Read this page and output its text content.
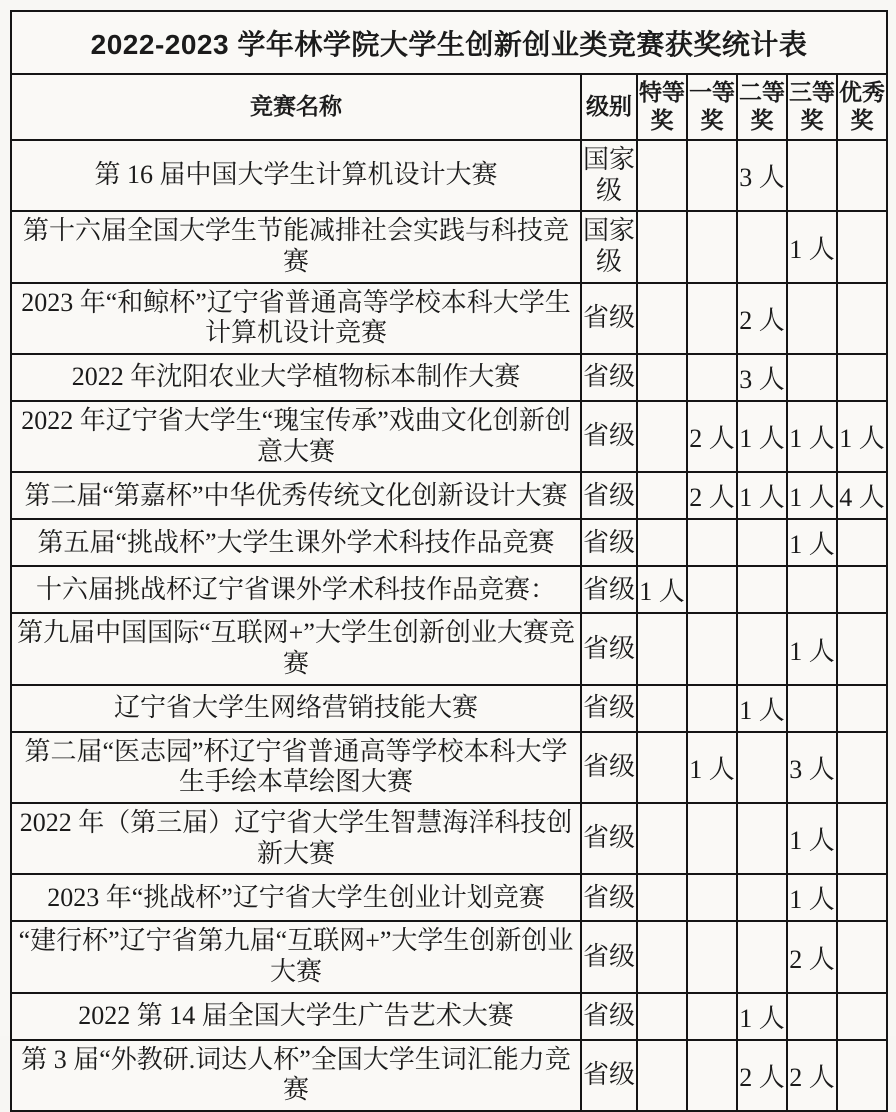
2022-2023 学年林学院大学生创新创业类竞赛获奖统计表						
竞赛名称	级别	特等奖	一等奖	二等奖	三等奖	优秀奖
第 16 届中国大学生计算机设计大赛	国家级			3 人		
第十六届全国大学生节能减排社会实践与科技竞赛	国家级				1 人	
2023 年“和鲸杯”辽宁省普通高等学校本科大学生计算机设计竞赛	省级			2 人		
2022 年沈阳农业大学植物标本制作大赛	省级			3 人		
2022 年辽宁省大学生“瑰宝传承”戏曲文化创新创意大赛	省级		2 人	1 人	1 人	1 人
第二届“第嘉杯”中华优秀传统文化创新设计大赛	省级		2 人	1 人	1 人	4 人
第五届“挑战杯”大学生课外学术科技作品竞赛	省级				1 人	
十六届挑战杯辽宁省课外学术科技作品竞赛：	省级	1 人				
第九届中国国际“互联网+”大学生创新创业大赛竞赛	省级				1 人	
辽宁省大学生网络营销技能大赛	省级			1 人		
第二届“医志园”杯辽宁省普通高等学校本科大学生手绘本草绘图大赛	省级		1 人		3 人	
2022 年（第三届）辽宁省大学生智慧海洋科技创新大赛	省级				1 人	
2023 年“挑战杯”辽宁省大学生创业计划竞赛	省级				1 人	
“建行杯”辽宁省第九届“互联网+”大学生创新创业大赛	省级				2 人	
2022 第 14 届全国大学生广告艺术大赛	省级			1 人		
第 3 届“外教研.词达人杯”全国大学生词汇能力竞赛	省级			2 人	2 人	
